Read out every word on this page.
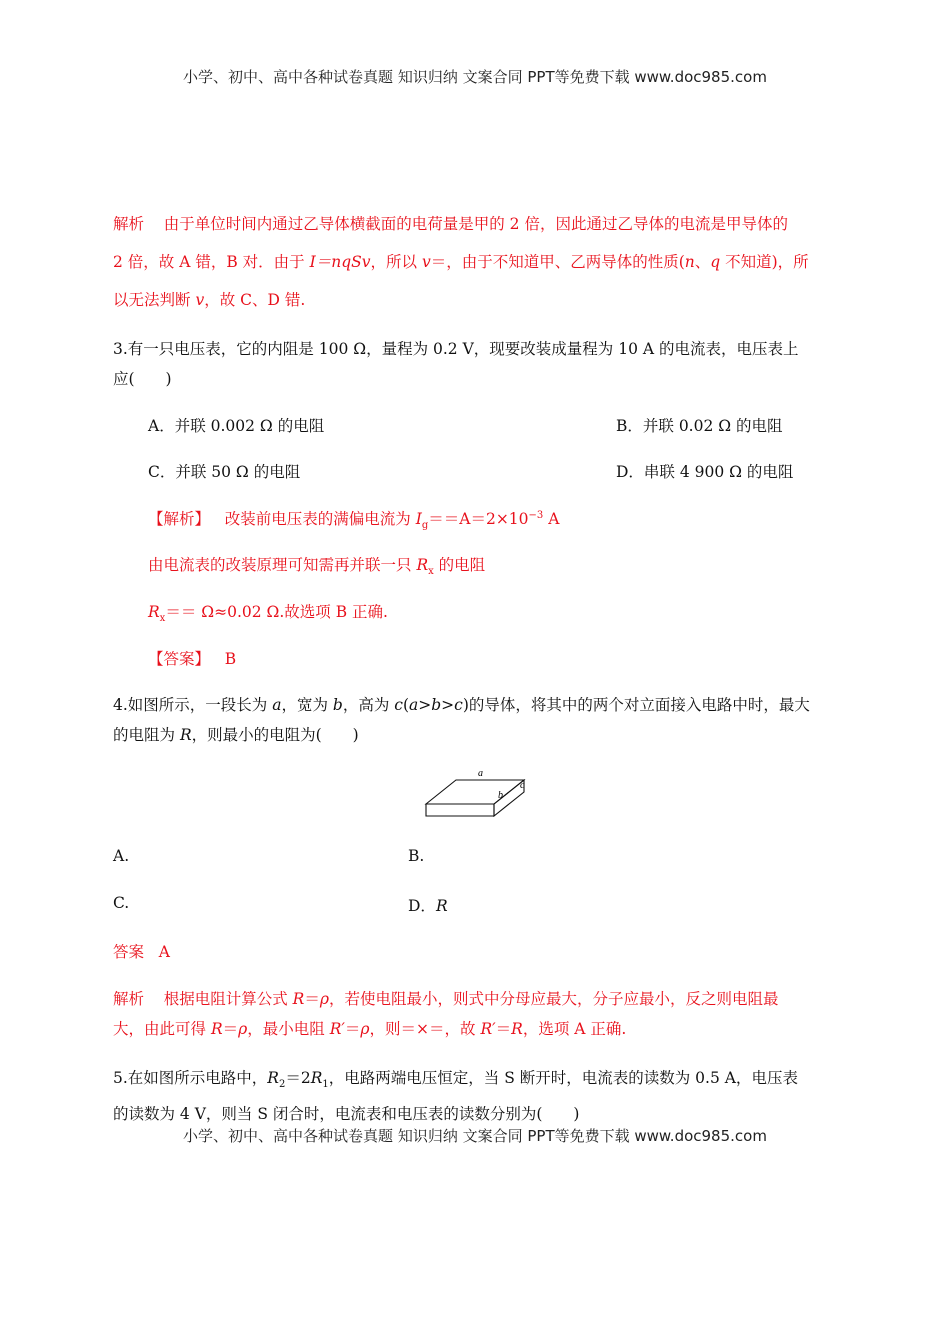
小学、初中、高中各种试卷真题 知识归纳 文案合同 PPT等免费下载 www.doc985.com
解析 由于单位时间内通过乙导体横截面的电荷量是甲的 2 倍，因此通过乙导体的电流是甲导体的
2 倍，故 A 错，B 对．由于 I＝nqSv，所以 v＝，由于不知道甲、乙两导体的性质(n、q 不知道)，所
以无法判断 v，故 C、D 错.
3.有一只电压表，它的内阻是 100 Ω，量程为 0.2 V，现要改装成量程为 10 A 的电流表，电压表上
应(　　)
A．并联 0.002 Ω 的电阻	B．并联 0.02 Ω 的电阻
C．并联 50 Ω 的电阻	D．串联 4 900 Ω 的电阻
【解析】 改装前电压表的满偏电流为 $I_g==A=2\times 10^{-3}$ A
由电流表的改装原理可知需再并联一只 $R_x$ 的电阻
$R_x== \Omega\approx 0.02$ Ω.故选项 B 正确.
【答案】 B
4.如图所示，一段长为 a，宽为 b，高为 c(a>b>c)的导体，将其中的两个对立面接入电路中时，最大
的电阻为 R，则最小的电阻为(　　)
a
b
c
A.	B.
C.	D．R
答案 A
解析 根据电阻计算公式 R＝ρ，若使电阻最小，则式中分母应最大，分子应最小，反之则电阻最
大，由此可得 R＝ρ，最小电阻 R′＝ρ，则＝×＝，故 R′＝R，选项 A 正确.
5.在如图所示电路中，$R_2=2R_1$，电路两端电压恒定，当 S 断开时，电流表的读数为 0.5 A，电压表
的读数为 4 V，则当 S 闭合时，电流表和电压表的读数分别为(　　)
小学、初中、高中各种试卷真题 知识归纳 文案合同 PPT等免费下载 www.doc985.com
